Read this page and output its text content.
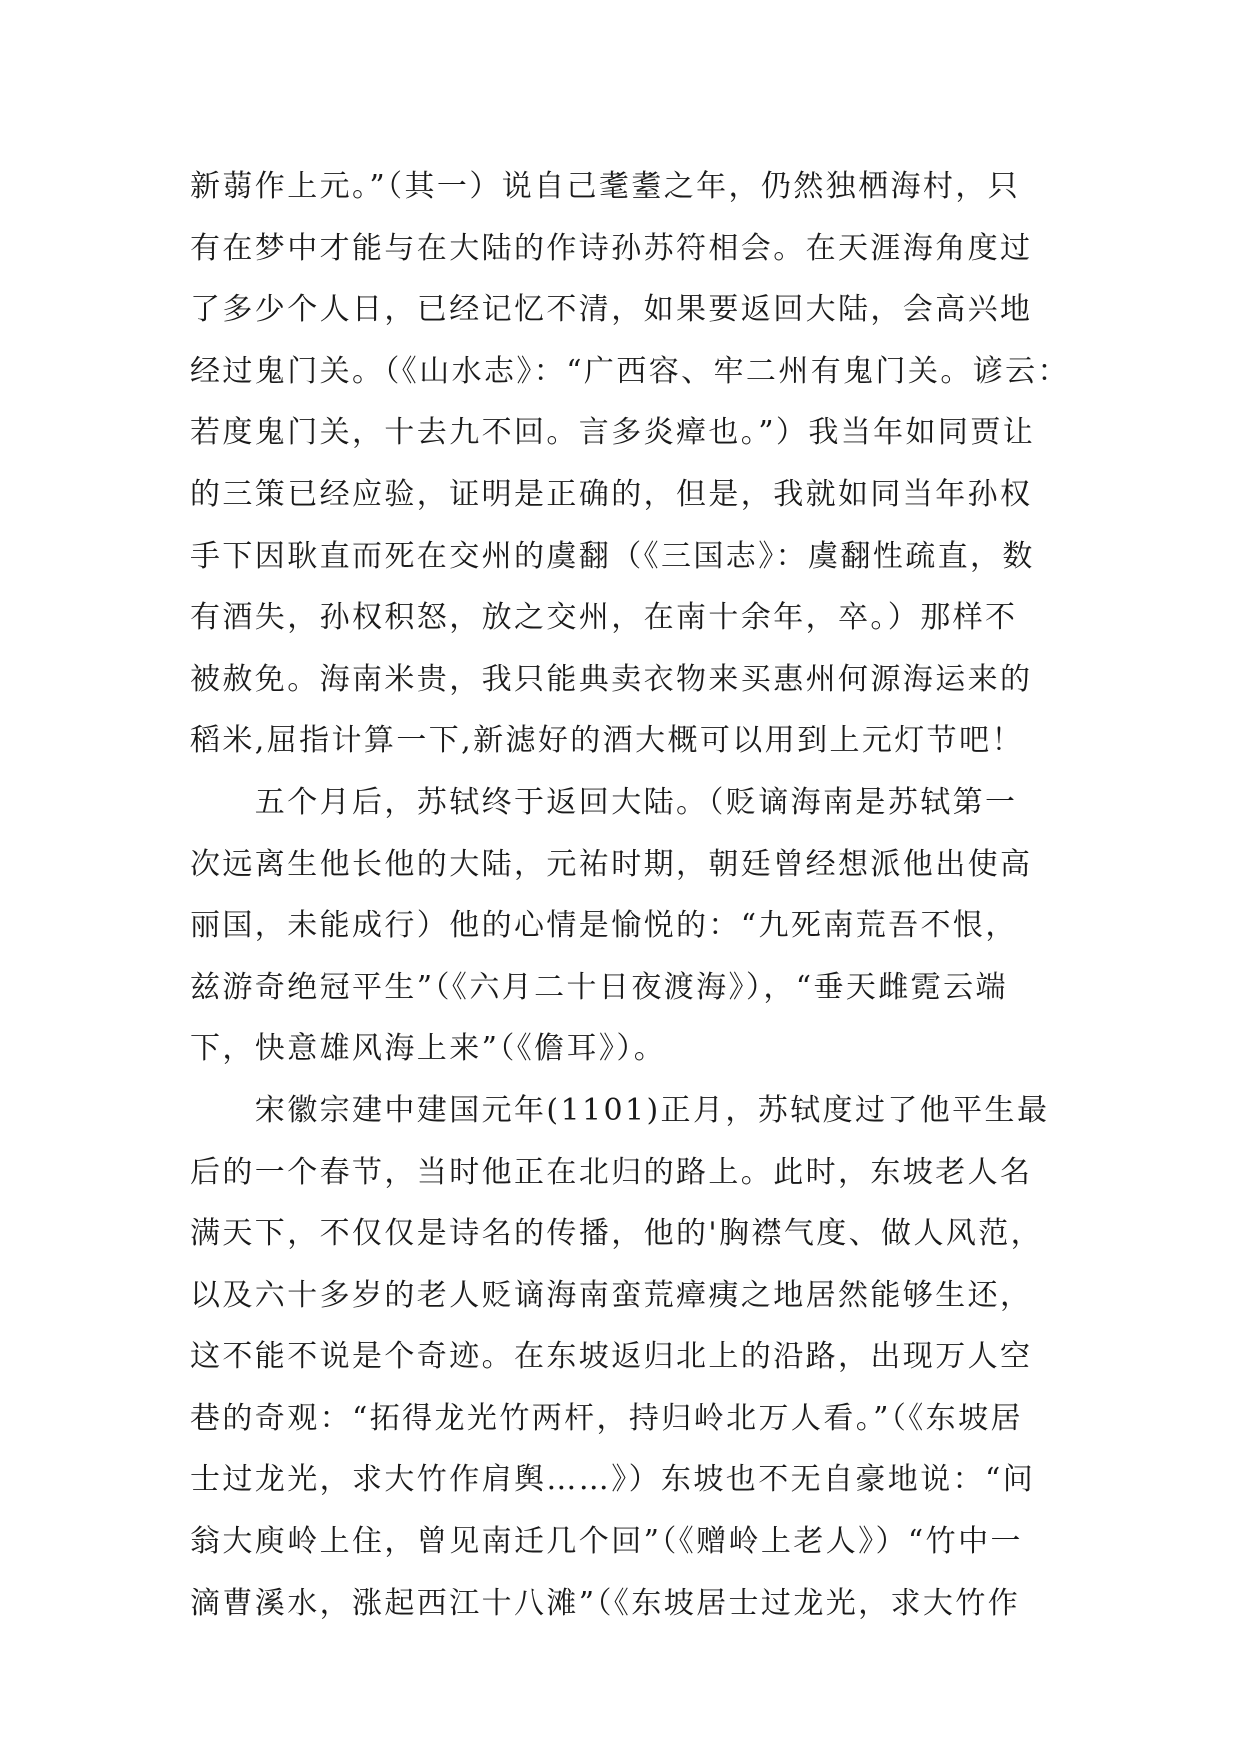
新蒻作上元。”（其一）说自己耄耋之年，仍然独栖海村，只
有在梦中才能与在大陆的作诗孙苏符相会。在天涯海角度过
了多少个人日，已经记忆不清，如果要返回大陆，会高兴地
经过鬼门关。（《山水志》：“广西容、牢二州有鬼门关。谚云：
若度鬼门关，十去九不回。言多炎瘴也。”）我当年如同贾让
的三策已经应验，证明是正确的，但是，我就如同当年孙权
手下因耿直而死在交州的虞翻（《三国志》：虞翻性疏直，数
有酒失，孙权积怒，放之交州，在南十余年，卒。）那样不
被赦免。海南米贵，我只能典卖衣物来买惠州何源海运来的
稻米,屈指计算一下,新滤好的酒大概可以用到上元灯节吧！
　　五个月后，苏轼终于返回大陆。（贬谪海南是苏轼第一
次远离生他长他的大陆，元祐时期，朝廷曾经想派他出使高
丽国，未能成行）他的心情是愉悦的：“九死南荒吾不恨，
兹游奇绝冠平生”（《六月二十日夜渡海》），“垂天雌霓云端
下，快意雄风海上来”（《儋耳》）。
　　宋徽宗建中建国元年(1101)正月，苏轼度过了他平生最
后的一个春节，当时他正在北归的路上。此时，东坡老人名
满天下，不仅仅是诗名的传播，他的'胸襟气度、做人风范，
以及六十多岁的老人贬谪海南蛮荒瘴痍之地居然能够生还，
这不能不说是个奇迹。在东坡返归北上的沿路，出现万人空
巷的奇观：“拓得龙光竹两杆，持归岭北万人看。”（《东坡居
士过龙光，求大竹作肩舆……》）东坡也不无自豪地说：“问
翁大庾岭上住，曾见南迁几个回”（《赠岭上老人》）“竹中一
滴曹溪水，涨起西江十八滩”（《东坡居士过龙光，求大竹作
